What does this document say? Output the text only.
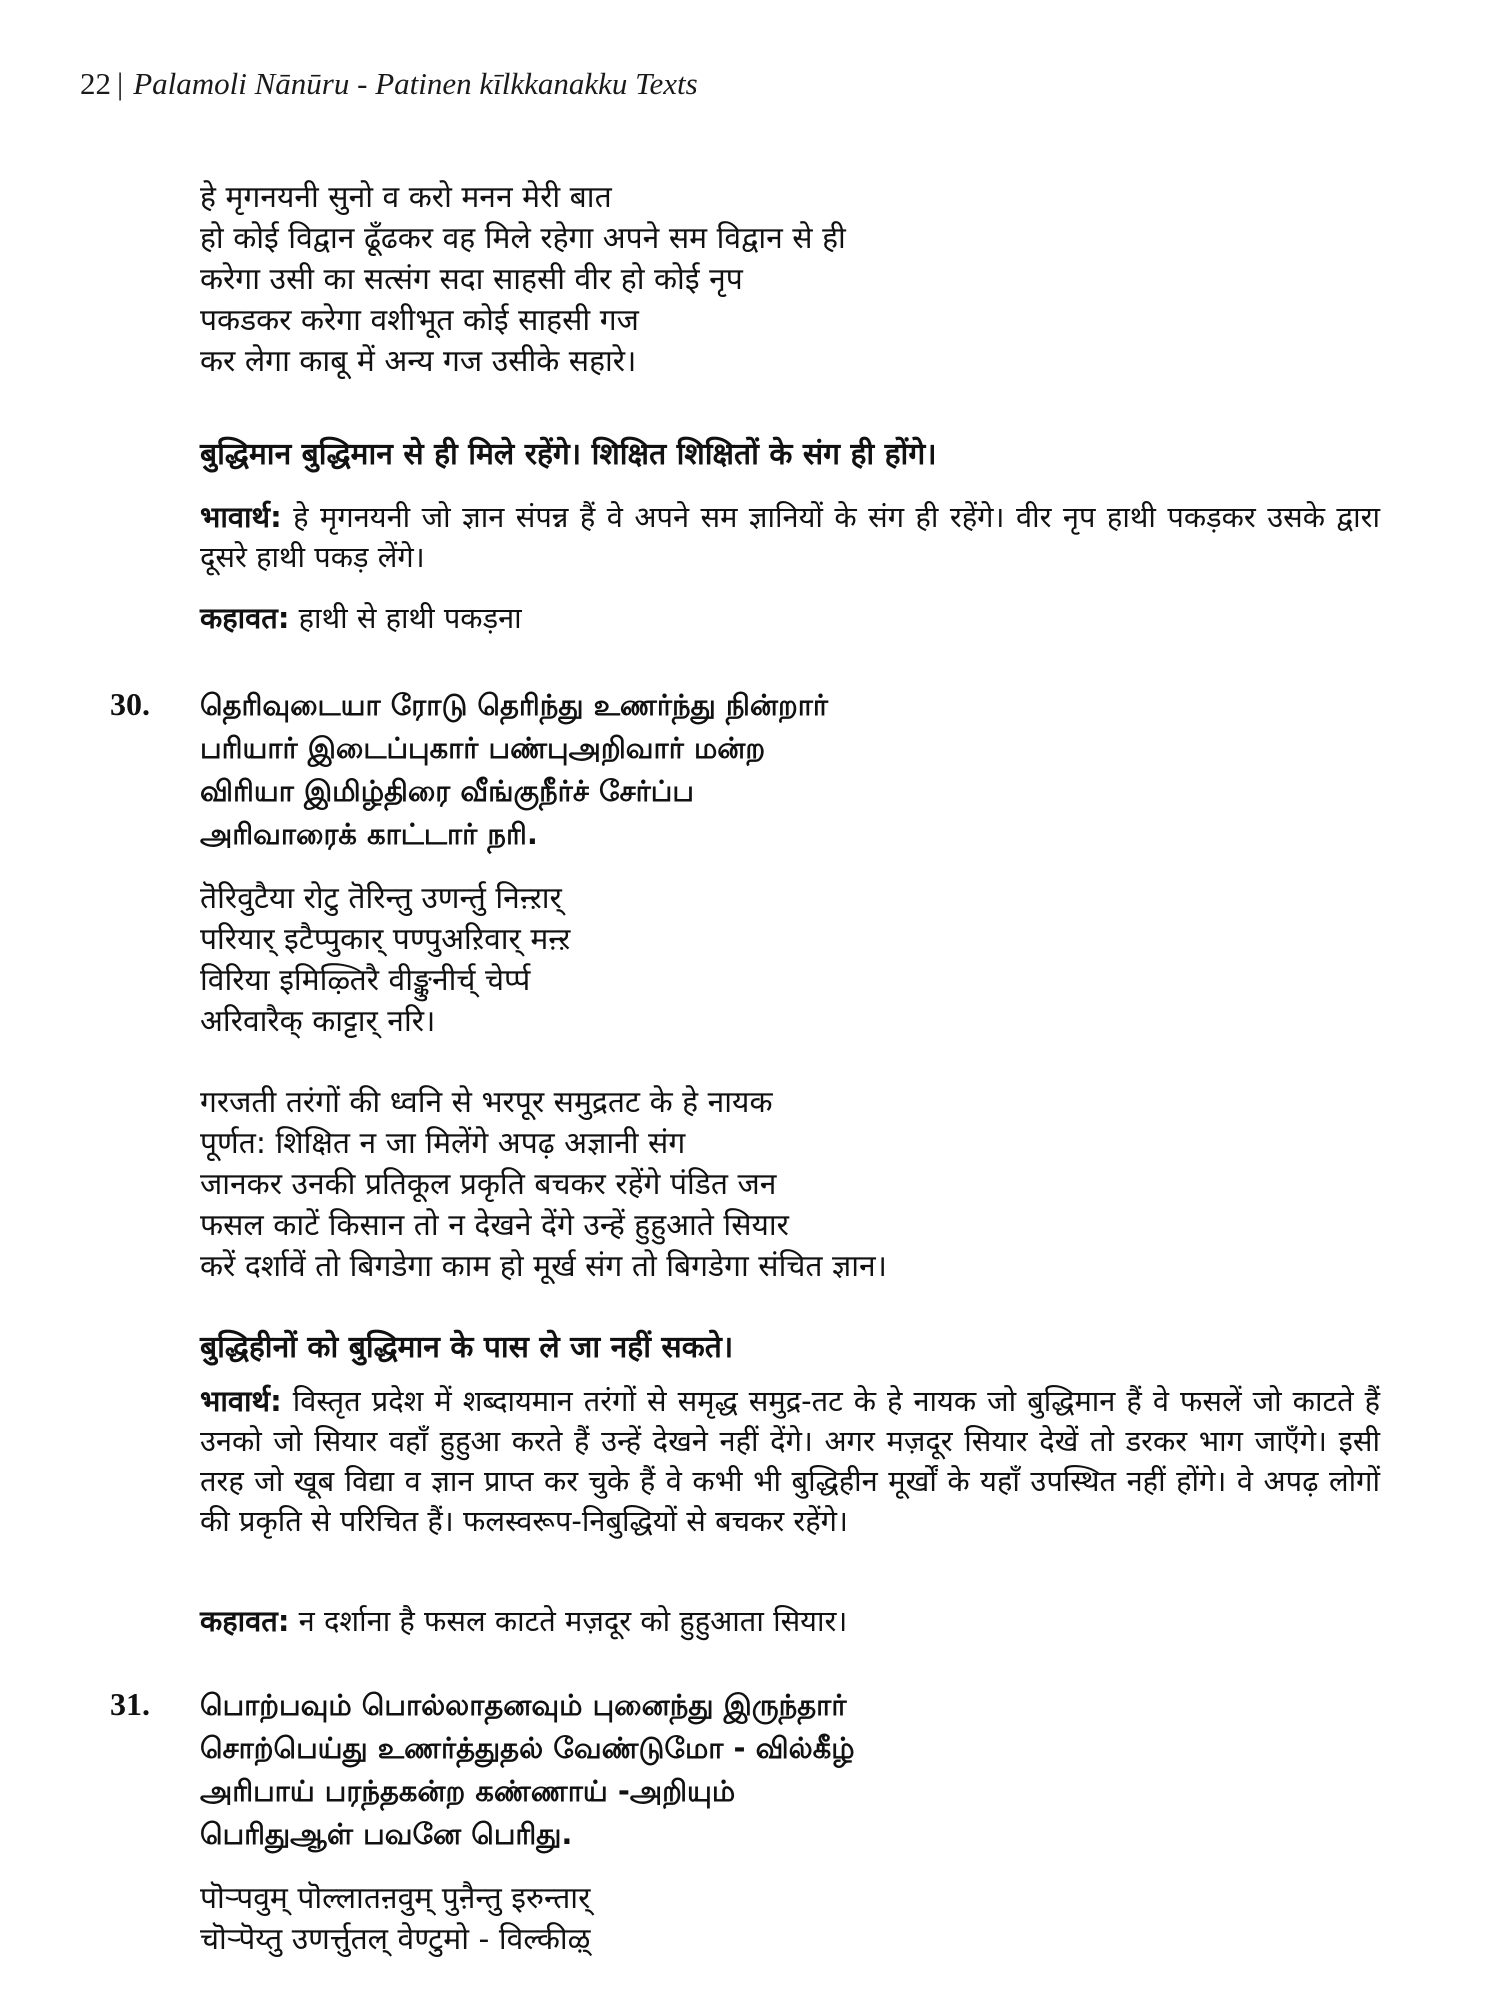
22 | Palamoli Nānūru - Patinen kīlkkanakku Texts
हे मृगनयनी सुनो व करो मनन मेरी बात
हो कोई विद्वान ढूँढकर वह मिले रहेगा अपने सम विद्वान से ही
करेगा उसी का सत्संग सदा साहसी वीर हो कोई नृप
पकडकर करेगा वशीभूत कोई साहसी गज
कर लेगा काबू में अन्य गज उसीके सहारे।
बुद्धिमान बुद्धिमान से ही मिले रहेंगे। शिक्षित शिक्षितों के संग ही होंगे।
भावार्थ: हे मृगनयनी जो ज्ञान संपन्न हैं वे अपने सम ज्ञानियों के संग ही रहेंगे। वीर नृप हाथी पकड़कर उसके द्वारा दूसरे हाथी पकड़ लेंगे।
कहावत: हाथी से हाथी पकड़ना
30. தெரிவுடையா ரோடு தெரிந்து உணர்ந்து நின்றார்
பரியார் இடைப்புகார் பண்புஅறிவார் மன்ற
விரியா இமிழ்திரை வீங்குநீர்ச் சேர்ப்ப
அரிவாரைக் காட்டார் நரி.
तॆरिवुटैया रोटु तॆरिन्तु उणर्न्तु निऩ्ऱार्
परियार् इटैप्पुकार् पण्पुअऱिवार् मऩ्ऱ
विरिया इमिऴ्तिरै वीङ्कुनीर्च् चेर्प्प
अरिवारैक् काट्टार् नरि।
गरजती तरंगों की ध्वनि से भरपूर समुद्रतट के हे नायक
पूर्णत: शिक्षित न जा मिलेंगे अपढ़ अज्ञानी संग
जानकर उनकी प्रतिकूल प्रकृति बचकर रहेंगे पंडित जन
फसल काटें किसान तो न देखने देंगे उन्हें हुहुआते सियार
करें दर्शावें तो बिगडेगा काम हो मूर्ख संग तो बिगडेगा संचित ज्ञान।
बुद्धिहीनों को बुद्धिमान के पास ले जा नहीं सकते।
भावार्थ: विस्तृत प्रदेश में शब्दायमान तरंगों से समृद्ध समुद्र-तट के हे नायक जो बुद्धिमान हैं वे फसलें जो काटते हैं उनको जो सियार वहाँ हुहुआ करते हैं उन्हें देखने नहीं देंगे। अगर मज़दूर सियार देखें तो डरकर भाग जाएँगे। इसी तरह जो खूब विद्या व ज्ञान प्राप्त कर चुके हैं वे कभी भी बुद्धिहीन मूर्खों के यहाँ उपस्थित नहीं होंगे। वे अपढ़ लोगों की प्रकृति से परिचित हैं। फलस्वरूप-निबुद्धियों से बचकर रहेंगे।
कहावत: न दर्शाना है फसल काटते मज़दूर को हुहुआता सियार।
31. பொற்பவும் பொல்லாதனவும் புனைந்து இருந்தார்
சொற்பெய்து உணர்த்துதல் வேண்டுமோ - வில்கீழ்
அரிபாய் பரந்தகன்ற கண்ணாய் -அறியும்
பெரிதுஆள் பவனே பெரிது.
पॊऱ्पवुम् पॊल्लातऩवुम् पुऩैन्तु इरुन्तार्
चॊऱ्पॆय्तु उणर्त्तुतल् वेण्टुमो - विल्कीऴ्
